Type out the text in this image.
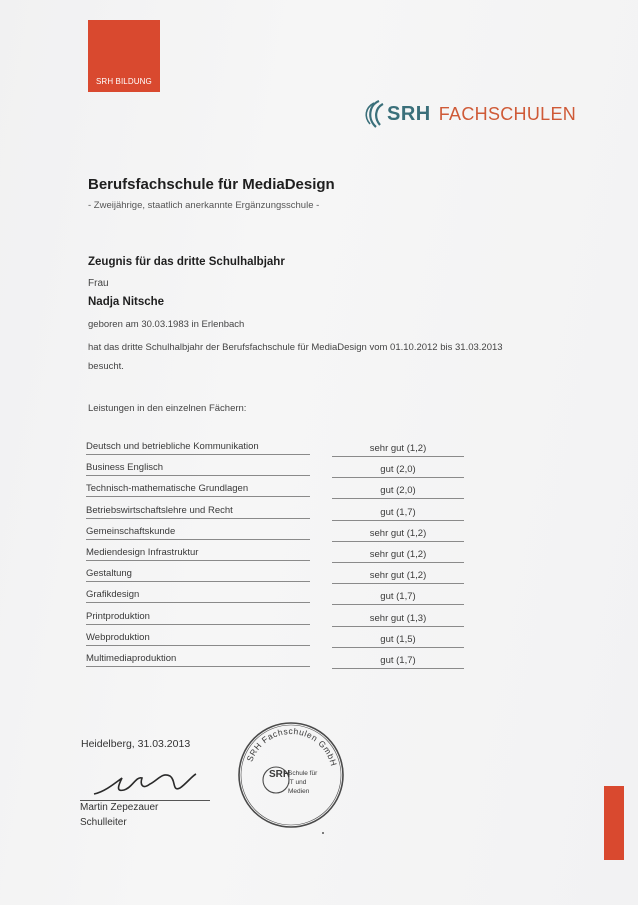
SRH BILDUNG
SRH FACHSCHULEN
Berufsfachschule für MediaDesign
- Zweijährige, staatlich anerkannte Ergänzungsschule -
Zeugnis für das dritte Schulhalbjahr
Frau
Nadja Nitsche
geboren am 30.03.1983 in Erlenbach
hat das dritte Schulhalbjahr der Berufsfachschule für MediaDesign vom 01.10.2012 bis 31.03.2013 besucht.
Leistungen in den einzelnen Fächern:
Deutsch und betriebliche Kommunikation	sehr gut (1,2)
Business Englisch	gut (2,0)
Technisch-mathematische Grundlagen	gut (2,0)
Betriebswirtschaftslehre und Recht	gut (1,7)
Gemeinschaftskunde	sehr gut (1,2)
Mediendesign Infrastruktur	sehr gut (1,2)
Gestaltung	sehr gut (1,2)
Grafikdesign	gut (1,7)
Printproduktion	sehr gut (1,3)
Webproduktion	gut (1,5)
Multimediaproduktion	gut (1,7)
Heidelberg, 31.03.2013
Martin Zepezauer
Schulleiter
SRH Fachschulen GmbH
SRH
Schule für
IT und
Medien
